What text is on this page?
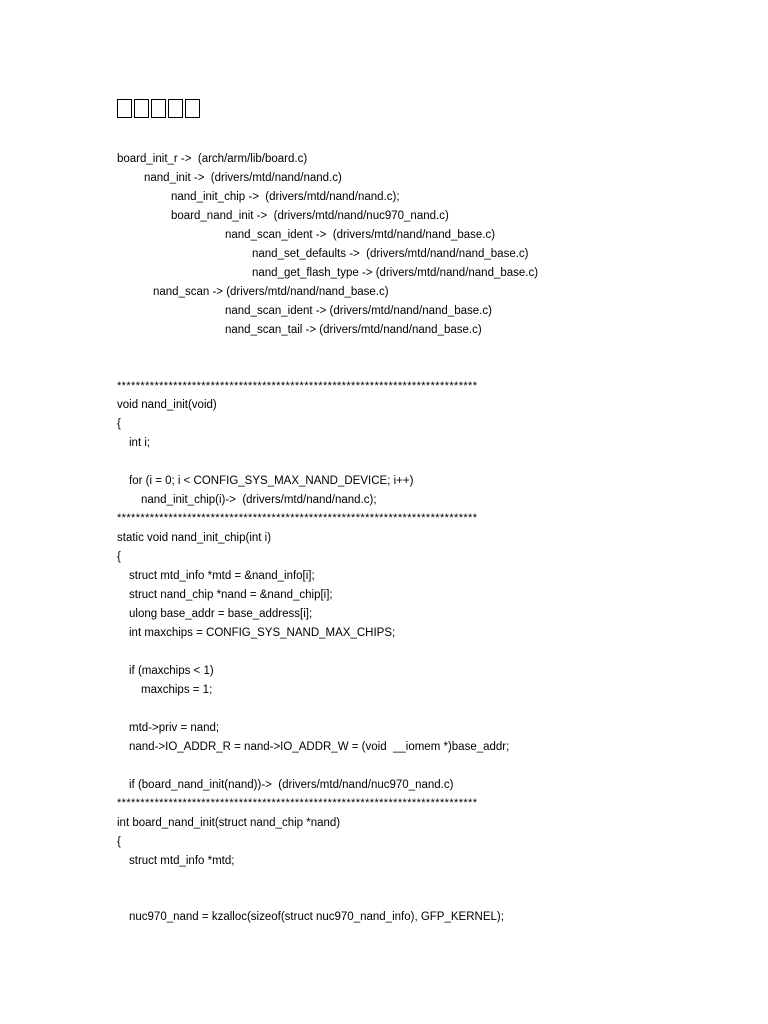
board_init_r ->  (arch/arm/lib/board.c)
nand_init ->  (drivers/mtd/nand/nand.c)
nand_init_chip ->  (drivers/mtd/nand/nand.c);
board_nand_init ->  (drivers/mtd/nand/nuc970_nand.c)
nand_scan_ident ->  (drivers/mtd/nand/nand_base.c)
nand_set_defaults ->  (drivers/mtd/nand/nand_base.c)
nand_get_flash_type -> (drivers/mtd/nand/nand_base.c)
nand_scan -> (drivers/mtd/nand/nand_base.c)
nand_scan_ident -> (drivers/mtd/nand/nand_base.c)
nand_scan_tail -> (drivers/mtd/nand/nand_base.c)
*****************************************************************************
void nand_init(void)
{
int i;
for (i = 0; i < CONFIG_SYS_MAX_NAND_DEVICE; i++)
nand_init_chip(i)->  (drivers/mtd/nand/nand.c);
*****************************************************************************
static void nand_init_chip(int i)
{
struct mtd_info *mtd = &nand_info[i];
struct nand_chip *nand = &nand_chip[i];
ulong base_addr = base_address[i];
int maxchips = CONFIG_SYS_NAND_MAX_CHIPS;
if (maxchips < 1)
maxchips = 1;
mtd->priv = nand;
nand->IO_ADDR_R = nand->IO_ADDR_W = (void  __iomem *)base_addr;
if (board_nand_init(nand))->  (drivers/mtd/nand/nuc970_nand.c)
*****************************************************************************
int board_nand_init(struct nand_chip *nand)
{
struct mtd_info *mtd;
nuc970_nand = kzalloc(sizeof(struct nuc970_nand_info), GFP_KERNEL);
